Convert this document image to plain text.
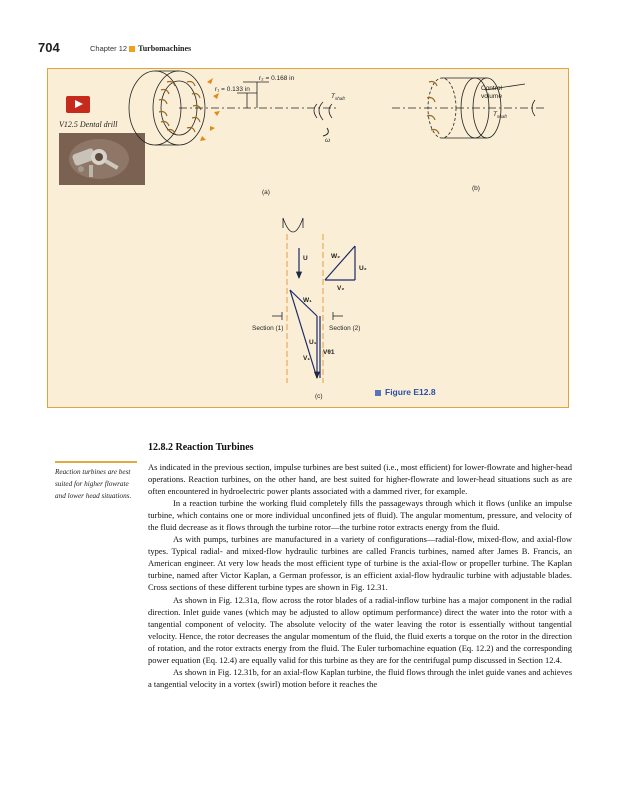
704	Chapter 12 Turbomachines
V12.5 Dental drill
r₂ = 0.168 in
r₁ = 0.133 in
$T_{shaft}$
ω
(a)
Control
volume
$T_{shaft}$
(b)
U	W₂
U₂
V₂
W₁
Section (1)	Section (2)
U₁
Vθ1
V₁
(c)	Figure E12.8
12.8.2 Reaction Turbines
Reaction turbines are best suited for higher flowrate and lower head situations.

As indicated in the previous section, impulse turbines are best suited (i.e., most efficient) for lower-flowrate and higher-head operations. Reaction turbines, on the other hand, are best suited for higher-flowrate and lower-head situations such as are often encountered in hydroelectric power plants associated with a dammed river, for example.

In a reaction turbine the working fluid completely fills the passageways through which it flows (unlike an impulse turbine, which contains one or more individual unconfined jets of fluid). The angular momentum, pressure, and velocity of the fluid decrease as it flows through the turbine rotor—the turbine rotor extracts energy from the fluid.

As with pumps, turbines are manufactured in a variety of configurations—radial-flow, mixed-flow, and axial-flow types. Typical radial- and mixed-flow hydraulic turbines are called Francis turbines, named after James B. Francis, an American engineer. At very low heads the most efficient type of turbine is the axial-flow or propeller turbine. The Kaplan turbine, named after Victor Kaplan, a German professor, is an efficient axial-flow hydraulic turbine with adjustable blades. Cross sections of these different turbine types are shown in Fig. 12.31.

As shown in Fig. 12.31a, flow across the rotor blades of a radial-inflow turbine has a major component in the radial direction. Inlet guide vanes (which may be adjusted to allow optimum performance) direct the water into the rotor with a tangential component of velocity. The absolute velocity of the water leaving the rotor is essentially without tangential velocity. Hence, the rotor decreases the angular momentum of the fluid, the fluid exerts a torque on the rotor in the direction of rotation, and the rotor extracts energy from the fluid. The Euler turbomachine equation (Eq. 12.2) and the corresponding power equation (Eq. 12.4) are equally valid for this turbine as they are for the centrifugal pump discussed in Section 12.4.

As shown in Fig. 12.31b, for an axial-flow Kaplan turbine, the fluid flows through the inlet guide vanes and achieves a tangential velocity in a vortex (swirl) motion before it reaches the
